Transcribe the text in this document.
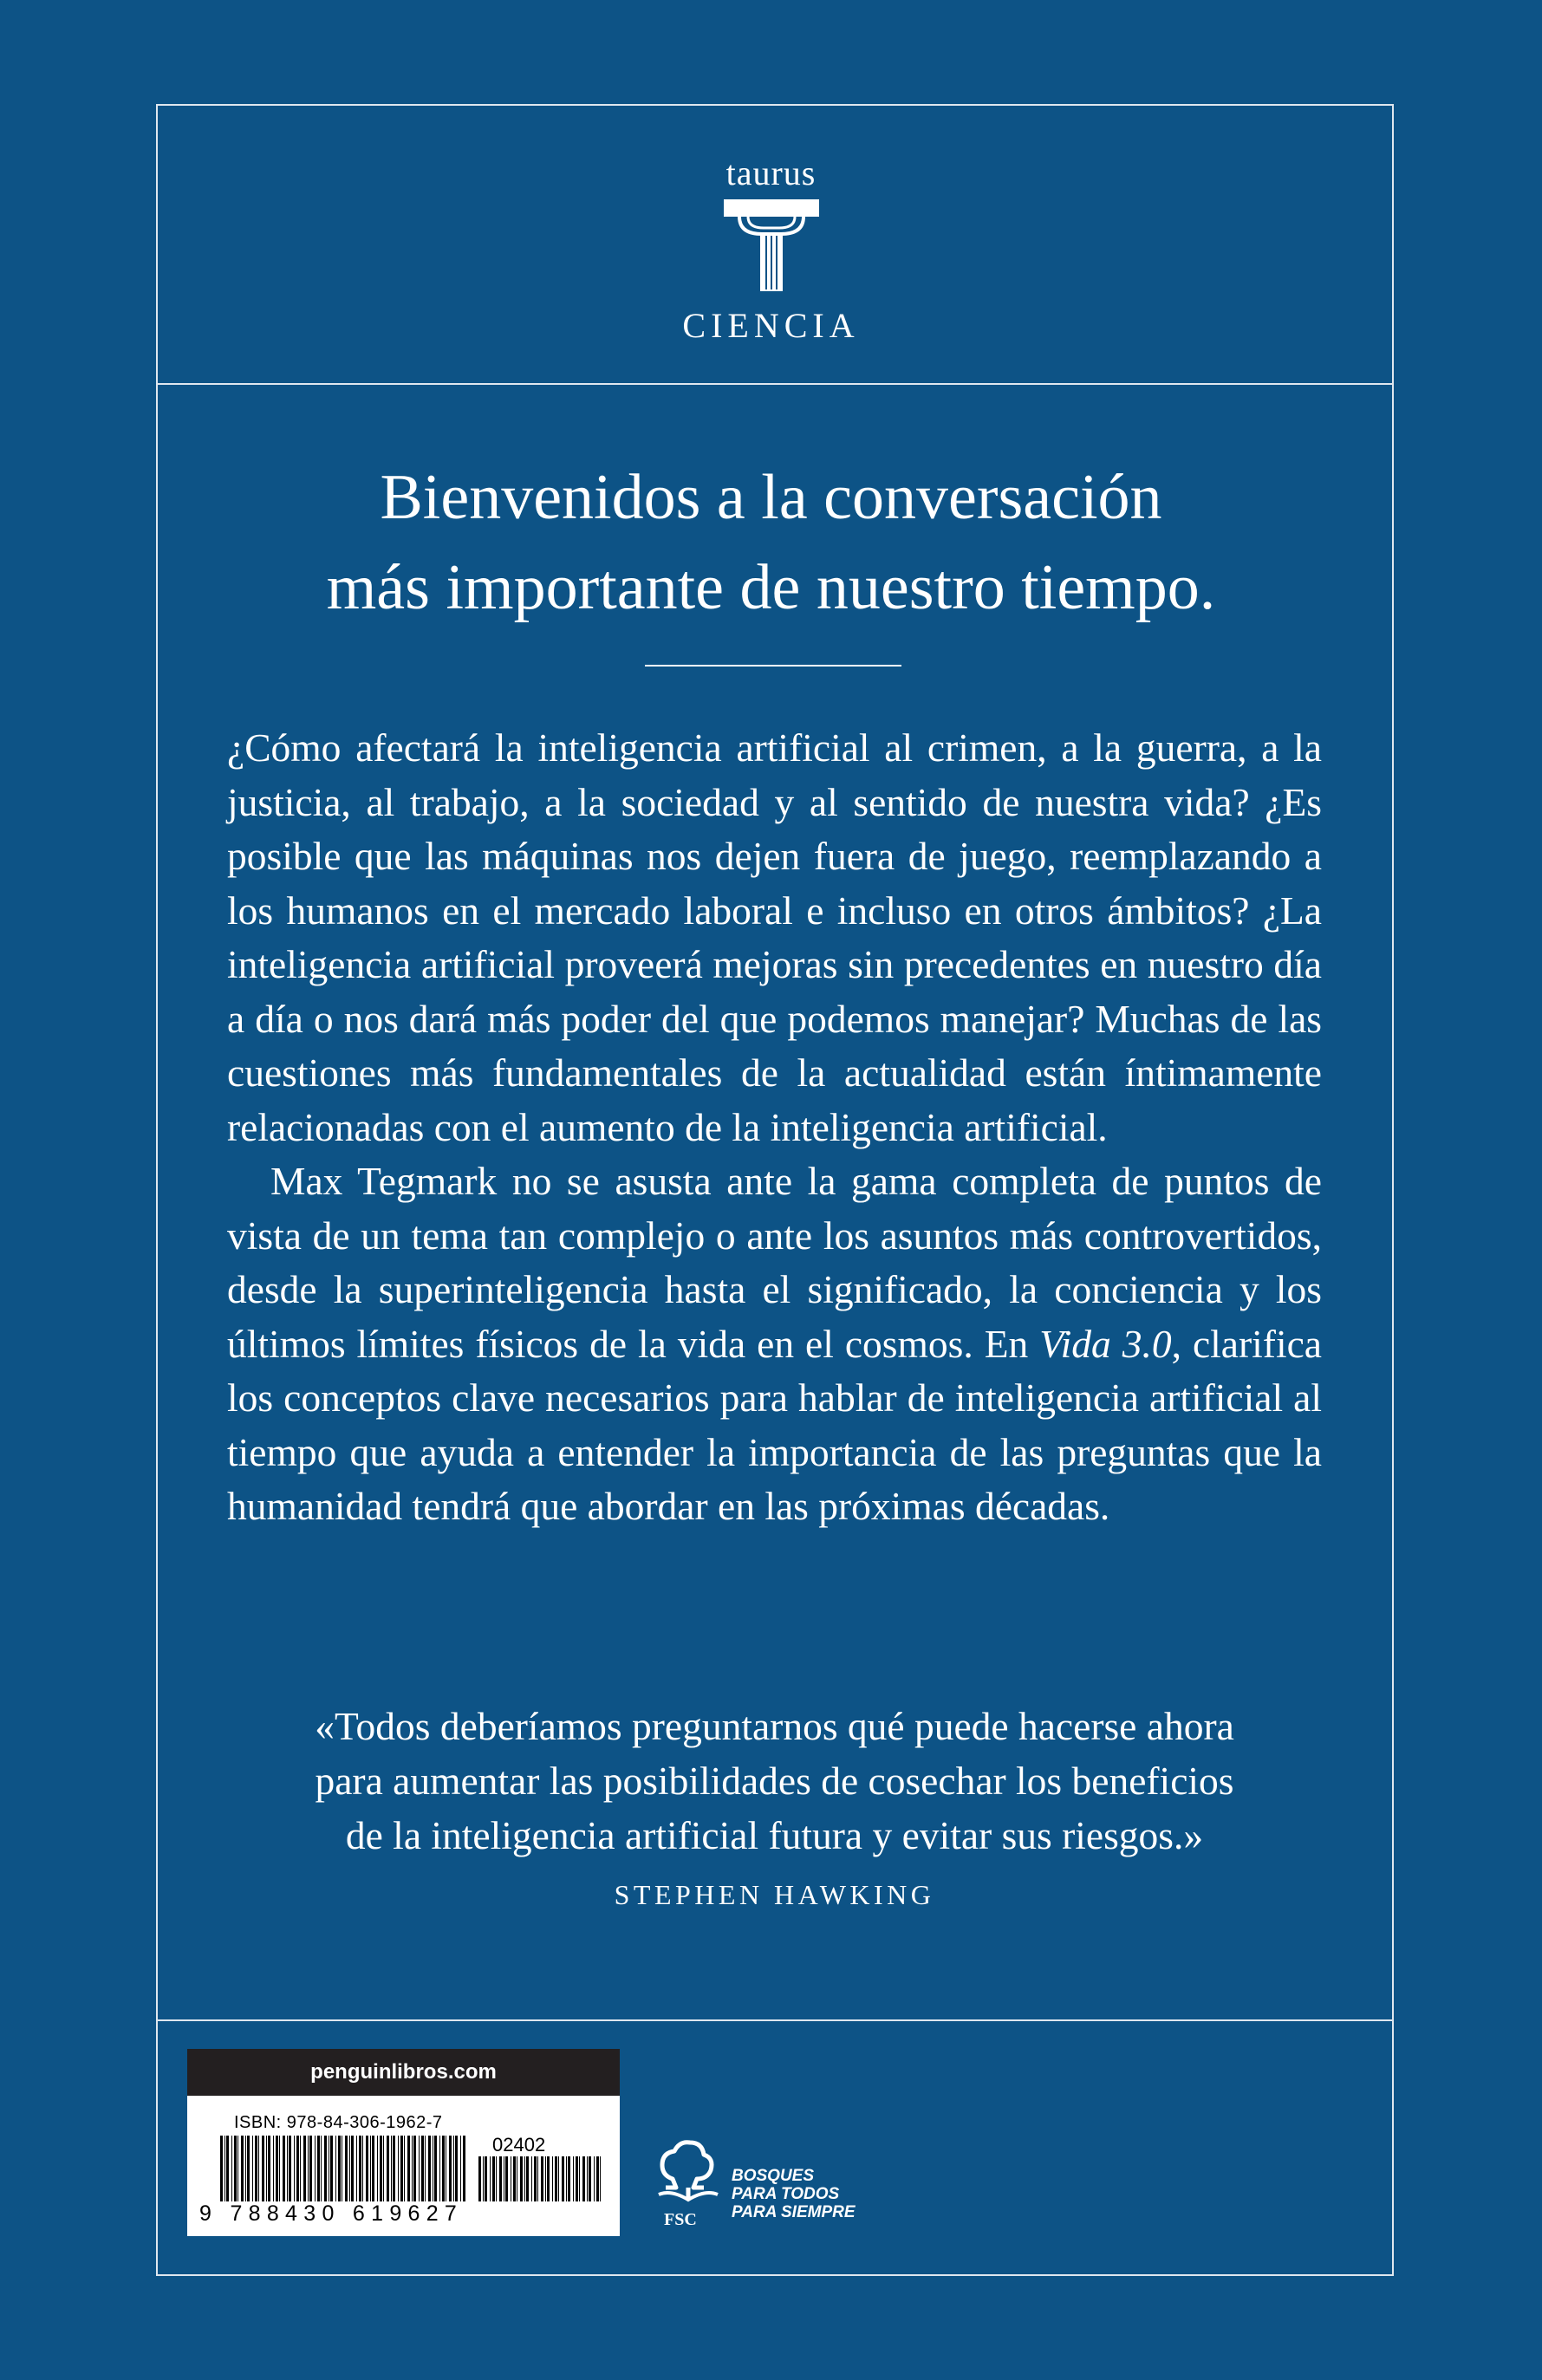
taurus
CIENCIA
Bienvenidos a la conversación
más importante de nuestro tiempo.

¿Cómo afectará la inteligencia artificial al crimen, a la guerra, a la justicia, al trabajo, a la sociedad y al sentido de nuestra vida? ¿Es posible que las máquinas nos dejen fuera de juego, reemplazando a los humanos en el mercado laboral e incluso en otros ámbitos? ¿La inteligencia artificial proveerá mejoras sin precedentes en nuestro día a día o nos dará más poder del que podemos manejar? Muchas de las cuestiones más fundamentales de la actualidad están íntimamente relacionadas con el aumento de la inteligencia artificial.

Max Tegmark no se asusta ante la gama completa de puntos de vista de un tema tan complejo o ante los asuntos más controvertidos, desde la superinteligencia hasta el significado, la conciencia y los últimos límites físicos de la vida en el cosmos. En Vida 3.0, clarifica los conceptos clave necesarios para hablar de inteligencia artificial al tiempo que ayuda a entender la importancia de las preguntas que la humanidad tendrá que abordar en las próximas décadas.

«Todos deberíamos preguntarnos qué puede hacerse ahora
para aumentar las posibilidades de cosechar los beneficios
de la inteligencia artificial futura y evitar sus riesgos.»
STEPHEN HAWKING
penguinlibros.com
ISBN: 978-84-306-1962-7
02402
9 788430 619627	FSC
BOSQUES
PARA TODOS
PARA SIEMPRE
